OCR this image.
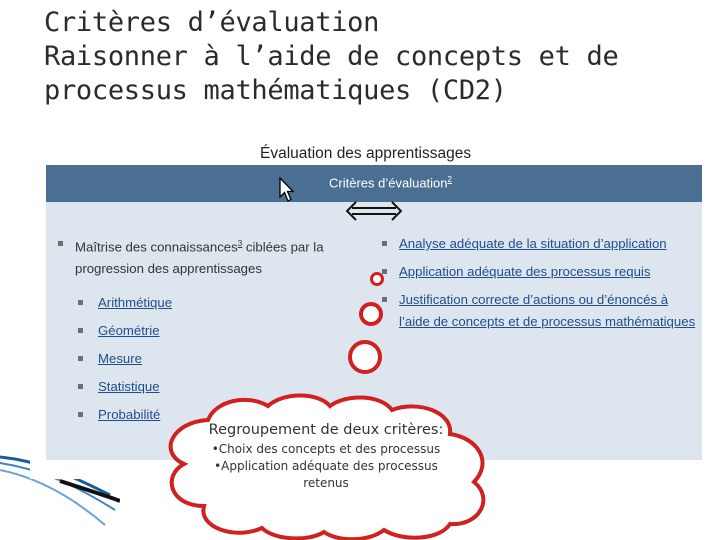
Critères d’évaluation
Raisonner à l’aide de concepts et de
processus mathématiques (CD2)
Évaluation des apprentissages
Critères d’évaluation$^2$
Maîtrise des connaissances$^3$ ciblées par la progression des apprentissages
Arithmétique
Géométrie
Mesure
Statistique
Probabilité
Analyse adéquate de la situation d’application
Application adéquate des processus requis
Justification correcte d’actions ou d’énoncés à l’aide de concepts et de processus mathématiques
Regroupement de deux critères:
•Choix des concepts et des processus
•Application adéquate des processus
retenus
